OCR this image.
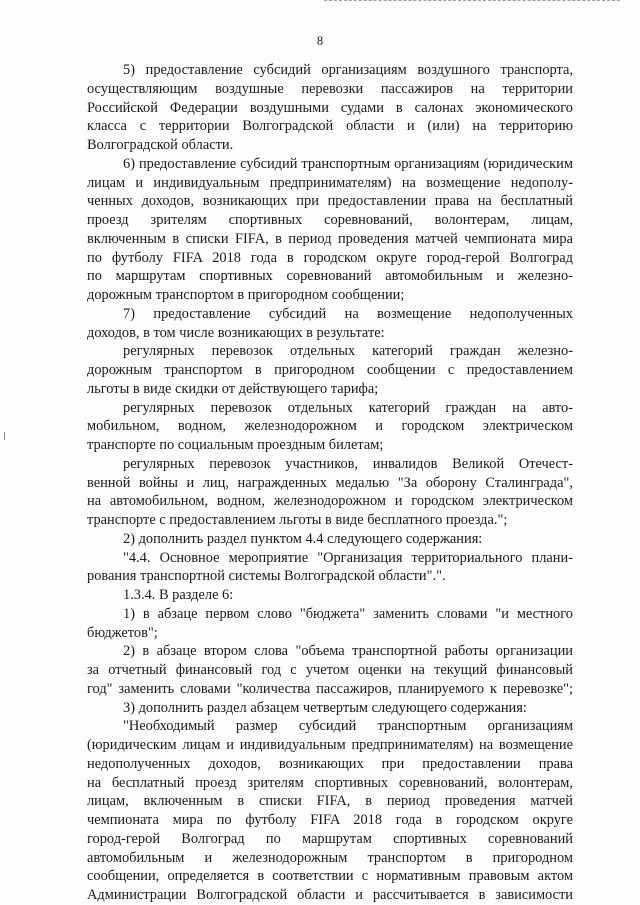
8
5) предоставление субсидий организациям воздушного транспорта,
осуществляющим воздушные перевозки пассажиров на территории
Российской Федерации воздушными судами в салонах экономического
класса с территории Волгоградской области и (или) на территорию
Волгоградской области.
6) предоставление субсидий транспортным организациям (юридическим
лицам и индивидуальным предпринимателям) на возмещение недополу-
ченных доходов, возникающих при предоставлении права на бесплатный
проезд зрителям спортивных соревнований, волонтерам, лицам,
включенным в списки FIFA, в период проведения матчей чемпионата мира
по футболу FIFA 2018 года в городском округе город-герой Волгоград
по маршрутам спортивных соревнований автомобильным и железно-
дорожным транспортом в пригородном сообщении;
7) предоставление субсидий на возмещение недополученных
доходов, в том числе возникающих в результате:
регулярных перевозок отдельных категорий граждан железно-
дорожным транспортом в пригородном сообщении с предоставлением
льготы в виде скидки от действующего тарифа;
регулярных перевозок отдельных категорий граждан на авто-
мобильном, водном, железнодорожном и городском электрическом
транспорте по социальным проездным билетам;
регулярных перевозок участников, инвалидов Великой Отечест-
венной войны и лиц, награжденных медалью "За оборону Сталинграда",
на автомобильном, водном, железнодорожном и городском электрическом
транспорте с предоставлением льготы в виде бесплатного проезда.";
2) дополнить раздел пунктом 4.4 следующего содержания:
"4.4. Основное мероприятие "Организация территориального плани-
рования транспортной системы Волгоградской области".".
1.3.4. В разделе 6:
1) в абзаце первом слово "бюджета" заменить словами "и местного
бюджетов";
2) в абзаце втором слова "объема транспортной работы организации
за отчетный финансовый год с учетом оценки на текущий финансовый
год" заменить словами "количества пассажиров, планируемого к перевозке";
3) дополнить раздел абзацем четвертым следующего содержания:
"Необходимый размер субсидий транспортным организациям
(юридическим лицам и индивидуальным предпринимателям) на возмещение
недополученных доходов, возникающих при предоставлении права
на бесплатный проезд зрителям спортивных соревнований, волонтерам,
лицам, включенным в списки FIFA, в период проведения матчей
чемпионата мира по футболу FIFA 2018 года в городском округе
город-герой Волгоград по маршрутам спортивных соревнований
автомобильным и железнодорожным транспортом в пригородном
сообщении, определяется в соответствии с нормативным правовым актом
Администрации Волгоградской области и рассчитывается в зависимости
